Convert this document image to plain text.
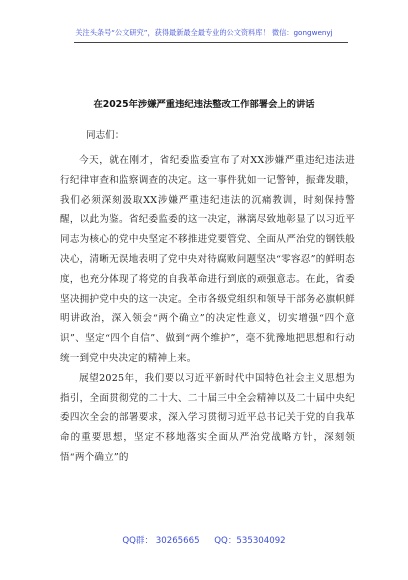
关注头条号“公文研究”，获得最新最全最专业的公文资料库！ 微信：gongwenyj
在2025年涉嫌严重违纪违法整改工作部署会上的讲话
同志们：

今天，就在刚才，省纪委监委宣布了对XX涉嫌严重违纪违法进行纪律审查和监察调查的决定。这一事件犹如一记警钟，振聋发聩，我们必须深刻汲取XX涉嫌严重违纪违法的沉痛教训，时刻保持警醒，以此为鉴。省纪委监委的这一决定，淋漓尽致地彰显了以习近平同志为核心的党中央坚定不移推进党要管党、全面从严治党的钢铁般决心，清晰无误地表明了党中央对待腐败问题坚决“零容忍”的鲜明态度，也充分体现了将党的自我革命进行到底的顽强意志。在此，省委坚决拥护党中央的这一决定。全市各级党组织和领导干部务必旗帜鲜明讲政治，深入领会“两个确立”的决定性意义，切实增强“四个意识”、坚定“四个自信”、做到“两个维护”，毫不犹豫地把思想和行动统一到党中央决定的精神上来。

展望2025年，我们要以习近平新时代中国特色社会主义思想为指引，全面贯彻党的二十大、二十届三中全会精神以及二十届中央纪委四次全会的部署要求，深入学习贯彻习近平总书记关于党的自我革命的重要思想，坚定不移地落实全面从严治党战略方针，深刻领悟“两个确立”的

QQ群： 30265665 QQ：535304092
